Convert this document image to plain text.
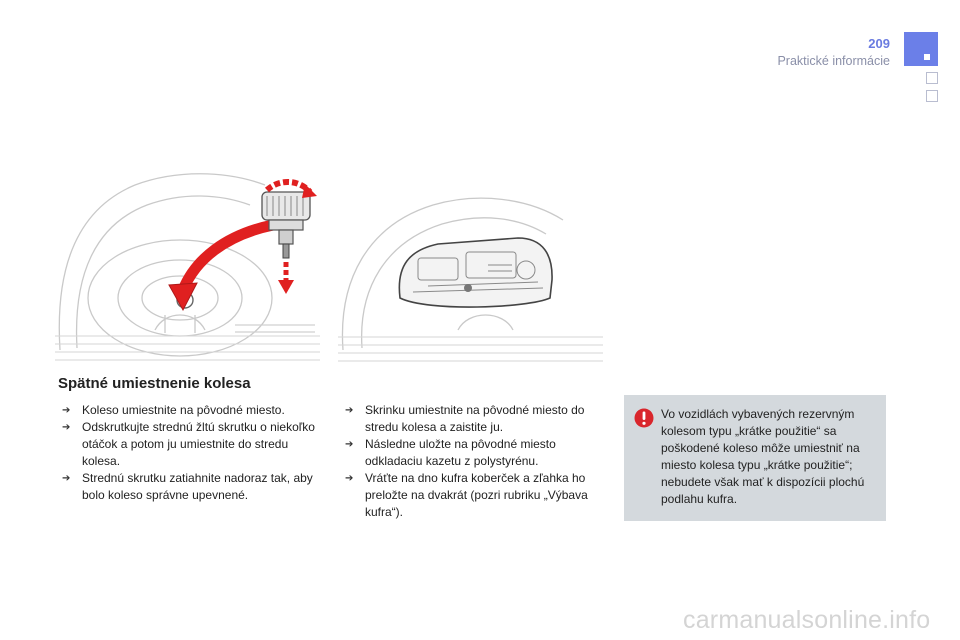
209
Praktické informácie
Spätné umiestnenie kolesa
➔ Koleso umiestnite na pôvodné miesto.
➔ Odskrutkujte strednú žltú skrutku o niekoľko otáčok a potom ju umiestnite do stredu kolesa.
➔ Strednú skrutku zatiahnite nadoraz tak, aby bolo koleso správne upevnené.
➔ Skrinku umiestnite na pôvodné miesto do stredu kolesa a zaistite ju.
➔ Následne uložte na pôvodné miesto odkladaciu kazetu z polystyrénu.
➔ Vráťte na dno kufra koberček a zľahka ho preložte na dvakrát (pozri rubriku „Výbava kufra“).
Vo vozidlách vybavených rezervným kolesom typu „krátke použitie“ sa poškodené koleso môže umiestniť na miesto kolesa typu „krátke použitie“; nebudete však mať k dispozícii plochú podlahu kufra.
carmanualsonline.info
